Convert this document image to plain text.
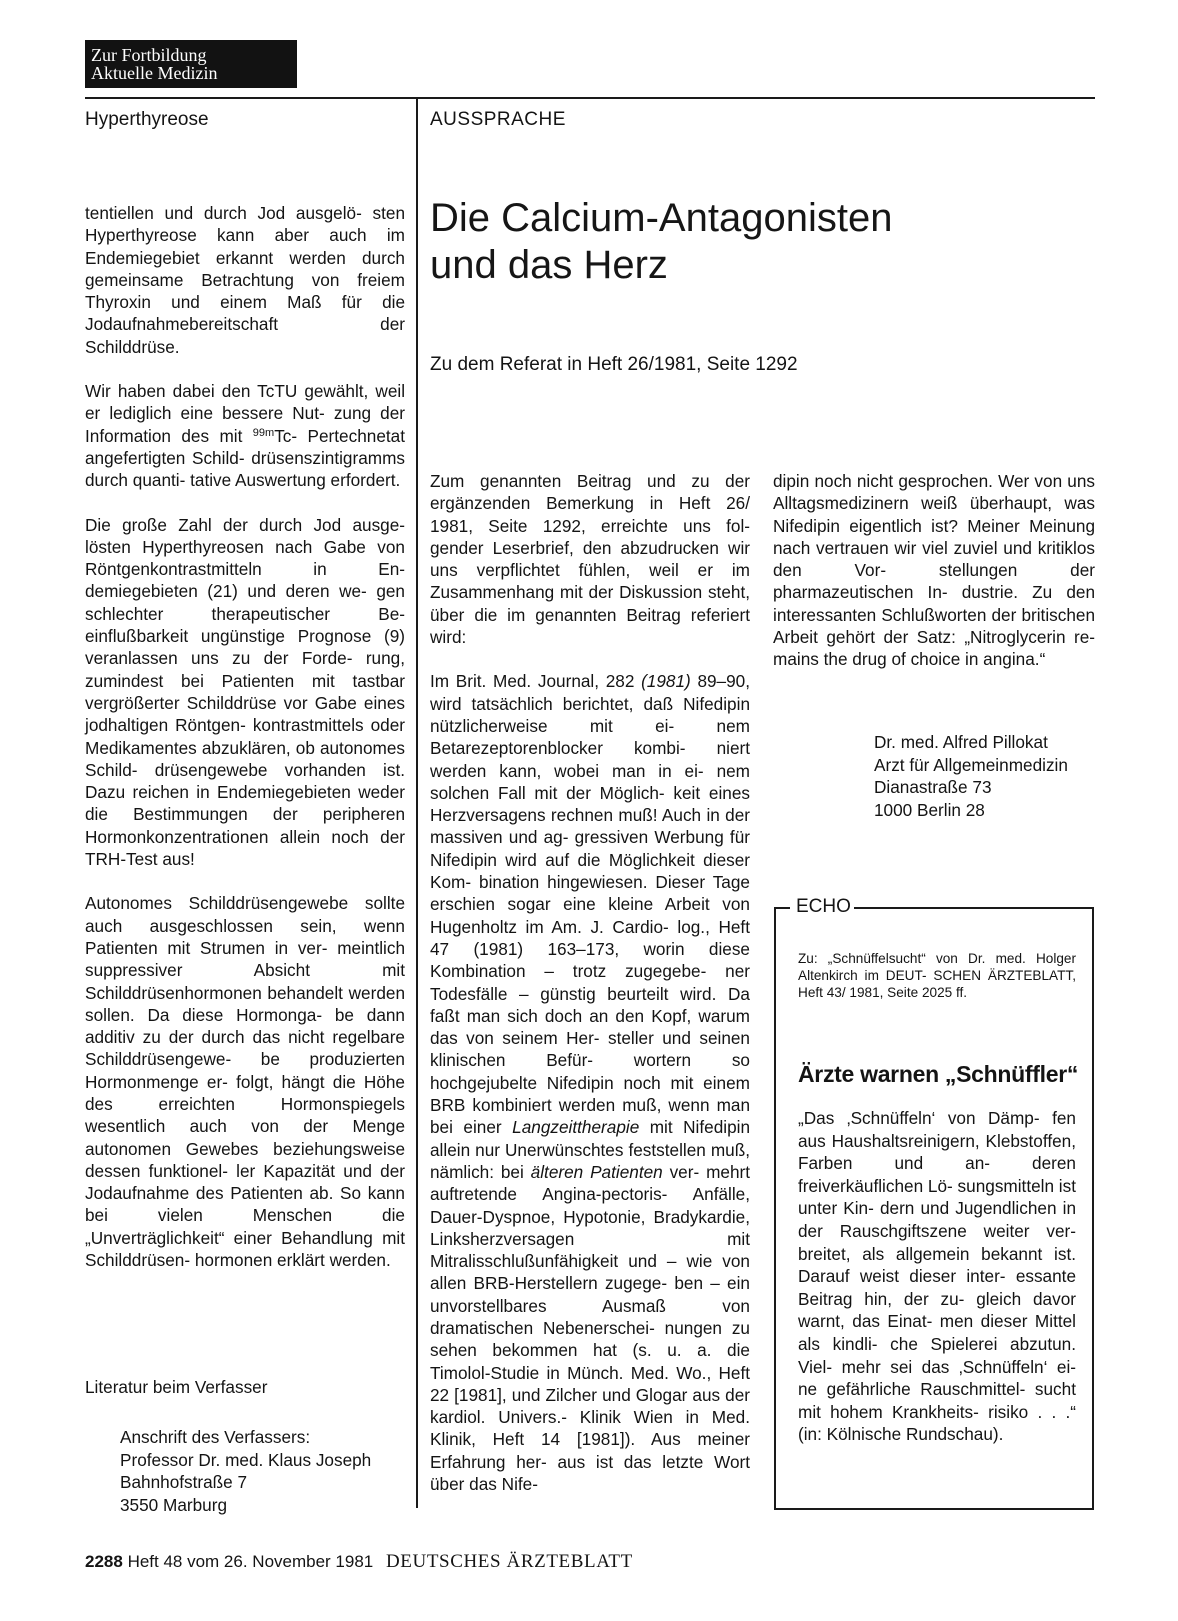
Zur Fortbildung
Aktuelle Medizin
Hyperthyreose	AUSSPRACHE

tentiellen und durch Jod ausgelö- sten Hyperthyreose kann aber auch im Endemiegebiet erkannt werden durch gemeinsame Betrachtung von freiem Thyroxin und einem Maß für die Jodaufnahmebereitschaft der Schilddrüse.

Wir haben dabei den TcTU gewählt, weil er lediglich eine bessere Nut- zung der Information des mit $^{99m}$Tc- Pertechnetat angefertigten Schild- drüsenszintigramms durch quanti- tative Auswertung erfordert.

Die große Zahl der durch Jod ausge- lösten Hyperthyreosen nach Gabe von Röntgenkontrastmitteln in En- demiegebieten (21) und deren we- gen schlechter therapeutischer Be- einflußbarkeit ungünstige Prognose (9) veranlassen uns zu der Forde- rung, zumindest bei Patienten mit tastbar vergrößerter Schilddrüse vor Gabe eines jodhaltigen Röntgen- kontrastmittels oder Medikamentes abzuklären, ob autonomes Schild- drüsengewebe vorhanden ist. Dazu reichen in Endemiegebieten weder die Bestimmungen der peripheren Hormonkonzentrationen allein noch der TRH-Test aus!

Autonomes Schilddrüsengewebe sollte auch ausgeschlossen sein, wenn Patienten mit Strumen in ver- meintlich suppressiver Absicht mit Schilddrüsenhormonen behandelt werden sollen. Da diese Hormonga- be dann additiv zu der durch das nicht regelbare Schilddrüsengewe- be produzierten Hormonmenge er- folgt, hängt die Höhe des erreichten	Hormonspiegels wesentlich auch von der Menge autonomen Gewebes beziehungsweise dessen funktionel- ler Kapazität und der Jodaufnahme des Patienten ab. So kann bei vielen	Menschen die „Unverträglichkeit“ einer Behandlung mit Schilddrüsen- hormonen erklärt werden.

Literatur beim Verfasser
Anschrift des Verfassers:
Professor Dr. med. Klaus Joseph
Bahnhofstraße 7
3550 Marburg
Die Calcium-Antagonisten
und das Herz
Zu dem Referat in Heft 26/1981, Seite 1292

Zum genannten Beitrag und zu der ergänzenden Bemerkung in Heft 26/ 1981, Seite 1292, erreichte uns fol- gender Leserbrief, den abzudrucken wir uns verpflichtet fühlen, weil er im Zusammenhang mit der Diskussion steht, über die im genannten Beitrag referiert wird:

Im Brit. Med. Journal, 282 (1981) 89–90, wird tatsächlich berichtet, daß Nifedipin nützlicherweise mit ei- nem Betarezeptorenblocker kombi- niert werden kann, wobei man in ei- nem solchen Fall mit der Möglich- keit eines Herzversagens rechnen muß! Auch in der massiven und ag- gressiven Werbung für Nifedipin wird auf die Möglichkeit dieser Kom- bination hingewiesen. Dieser Tage erschien sogar eine kleine Arbeit von Hugenholtz im Am. J. Cardio- log., Heft 47 (1981) 163–173, worin diese Kombination – trotz zugegebe- ner Todesfälle – günstig beurteilt wird. Da faßt man sich doch an den Kopf, warum das von seinem Her- steller und seinen klinischen Befür- wortern so hochgejubelte Nifedipin noch mit einem BRB kombiniert werden muß, wenn man bei einer Langzeittherapie mit Nifedipin allein nur Unerwünschtes feststellen muß, nämlich: bei älteren Patienten ver- mehrt auftretende Angina-pectoris- Anfälle, Dauer-Dyspnoe, Hypotonie, Bradykardie, Linksherzversagen mit Mitralisschlußunfähigkeit und – wie von allen BRB-Herstellern zugege- ben – ein unvorstellbares Ausmaß	von dramatischen Nebenerschei- nungen zu sehen bekommen hat (s. u. a. die Timolol-Studie in Münch. Med. Wo., Heft 22 [1981], und Zilcher und Glogar aus der kardiol. Univers.- Klinik Wien in Med. Klinik, Heft 14 [1981]). Aus meiner Erfahrung her- aus ist das letzte Wort über das Nife-

dipin noch nicht gesprochen. Wer von uns Alltagsmedizinern weiß überhaupt, was Nifedipin eigentlich ist? Meiner Meinung nach vertrauen wir viel zuviel und kritiklos den Vor-	stellungen der pharmazeutischen In- dustrie. Zu den interessanten Schlußworten der britischen Arbeit gehört der Satz: „Nitroglycerin re- mains the drug of choice in angina.“

Dr. med. Alfred Pillokat
Arzt für Allgemeinmedizin
Dianastraße 73
1000 Berlin 28
ECHO
Zu: „Schnüffelsucht“ von Dr. med. Holger Altenkirch im DEUT- SCHEN ÄRZTEBLATT, Heft 43/ 1981, Seite 2025 ff.
Ärzte warnen „Schnüffler“
„Das ‚Schnüffeln‘ von Dämp- fen aus Haushaltsreinigern, Klebstoffen, Farben und an- deren freiverkäuflichen Lö- sungsmitteln ist unter Kin- dern und Jugendlichen in der Rauschgiftszene weiter ver- breitet, als allgemein bekannt ist. Darauf weist dieser inter- essante Beitrag hin, der zu- gleich davor warnt, das Einat- men dieser Mittel als kindli- che Spielerei abzutun. Viel- mehr sei das ‚Schnüffeln‘ ei- ne gefährliche Rauschmittel- sucht mit hohem Krankheits- risiko . . .“ (in: Kölnische Rundschau).
2288 Heft 48 vom 26. November 1981 DEUTSCHES ÄRZTEBLATT
